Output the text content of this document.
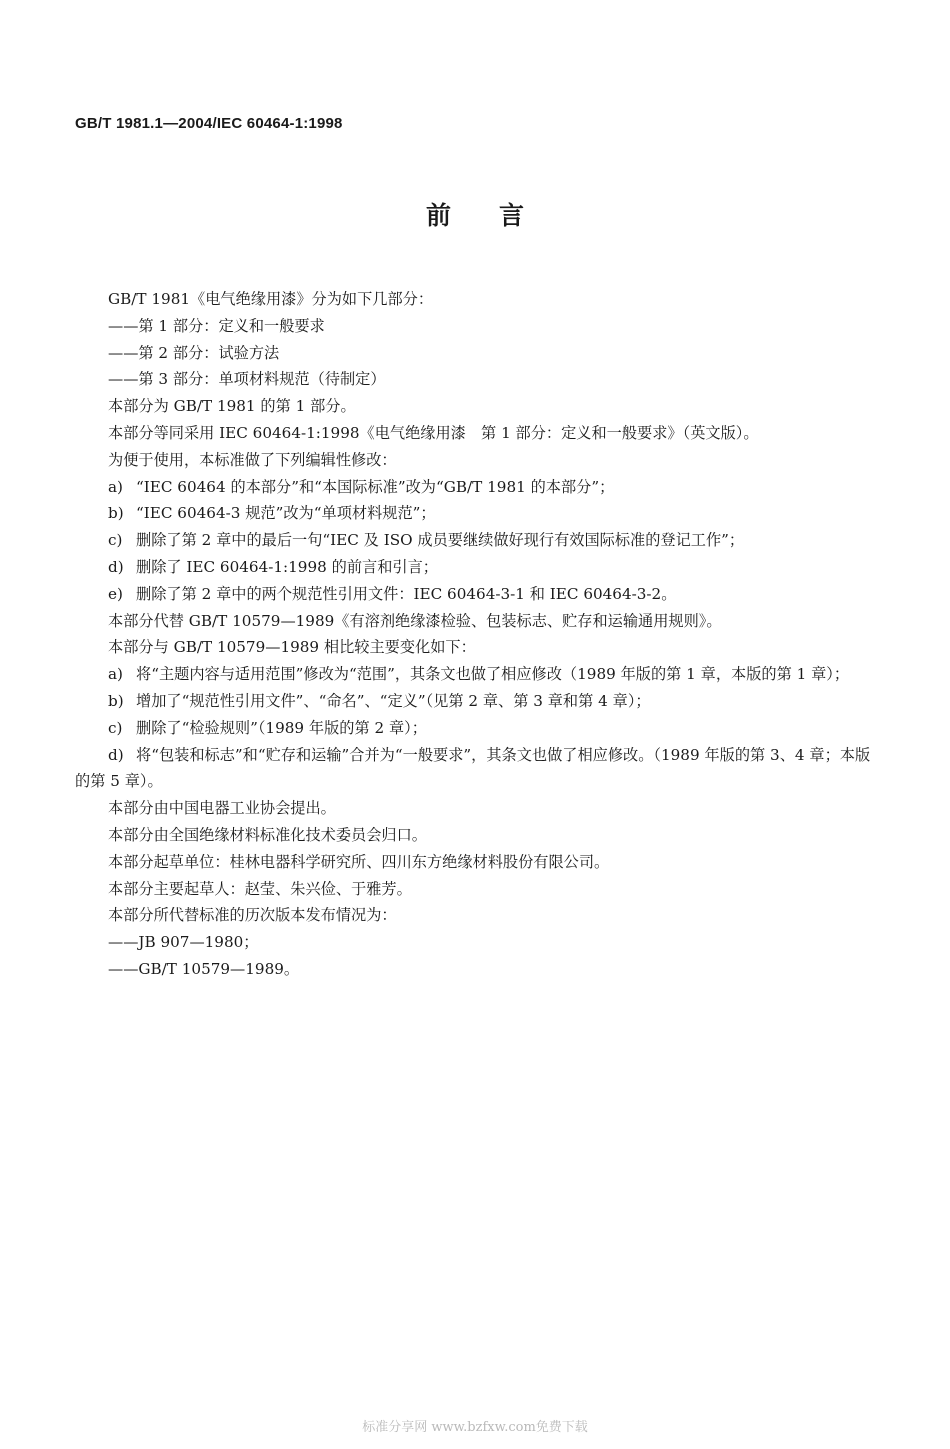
GB/T 1981.1—2004/IEC 60464-1:1998
前言

GB/T 1981《电气绝缘用漆》分为如下几部分：

——第 1 部分：定义和一般要求

——第 2 部分：试验方法

——第 3 部分：单项材料规范（待制定）

本部分为 GB/T 1981 的第 1 部分。

本部分等同采用 IEC 60464-1:1998《电气绝缘用漆　第 1 部分：定义和一般要求》（英文版）。

为便于使用，本标准做了下列编辑性修改：

a) “IEC 60464 的本部分”和“本国际标准”改为“GB/T 1981 的本部分”；

b) “IEC 60464-3 规范”改为“单项材料规范”；

c) 删除了第 2 章中的最后一句“IEC 及 ISO 成员要继续做好现行有效国际标准的登记工作”；

d) 删除了 IEC 60464-1:1998 的前言和引言；

e) 删除了第 2 章中的两个规范性引用文件：IEC 60464-3-1 和 IEC 60464-3-2。

本部分代替 GB/T 10579—1989《有溶剂绝缘漆检验、包装标志、贮存和运输通用规则》。

本部分与 GB/T 10579—1989 相比较主要变化如下：

a) 将“主题内容与适用范围”修改为“范围”，其条文也做了相应修改（1989 年版的第 1 章，本版的第 1 章）；

b) 增加了“规范性引用文件”、“命名”、“定义”（见第 2 章、第 3 章和第 4 章）；

c) 删除了“检验规则”（1989 年版的第 2 章）；

d) 将“包装和标志”和“贮存和运输”合并为“一般要求”，其条文也做了相应修改。（1989 年版的第 3、4 章；本版的第 5 章）。

本部分由中国电器工业协会提出。

本部分由全国绝缘材料标准化技术委员会归口。

本部分起草单位：桂林电器科学研究所、四川东方绝缘材料股份有限公司。

本部分主要起草人：赵莹、朱兴俭、于雅芳。

本部分所代替标准的历次版本发布情况为：

——JB 907—1980；

——GB/T 10579—1989。

标准分享网 www.bzfxw.com免费下载
